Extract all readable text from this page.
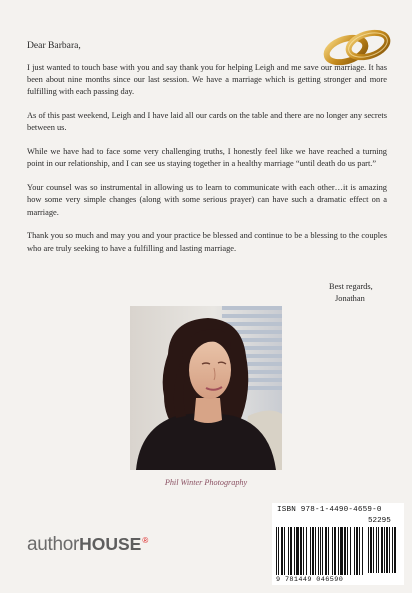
Dear Barbara,

I just wanted to touch base with you and say thank you for helping Leigh and me save our marriage. It has been about nine months since our last session. We have a marriage which is getting stronger and more fulfilling with each passing day.

As of this past weekend, Leigh and I have laid all our cards on the table and there are no longer any secrets between us.

While we have had to face some very challenging truths, I honestly feel like we have reached a turning point in our relationship, and I can see us staying together in a healthy marriage “until death do us part.”

Your counsel was so instrumental in allowing us to learn to communicate with each other…it is amazing how some very simple changes (along with some serious prayer) can have such a dramatic effect on a marriage.

Thank you so much and may you and your practice be blessed and continue to be a blessing to the couples who are truly seeking to have a fulfilling and lasting marriage.

Best regards,
Jonathan
Phil Winter Photography
authorHOUSE®
ISBN 978-1-4490-4659-0
52295
9 781449 046590
